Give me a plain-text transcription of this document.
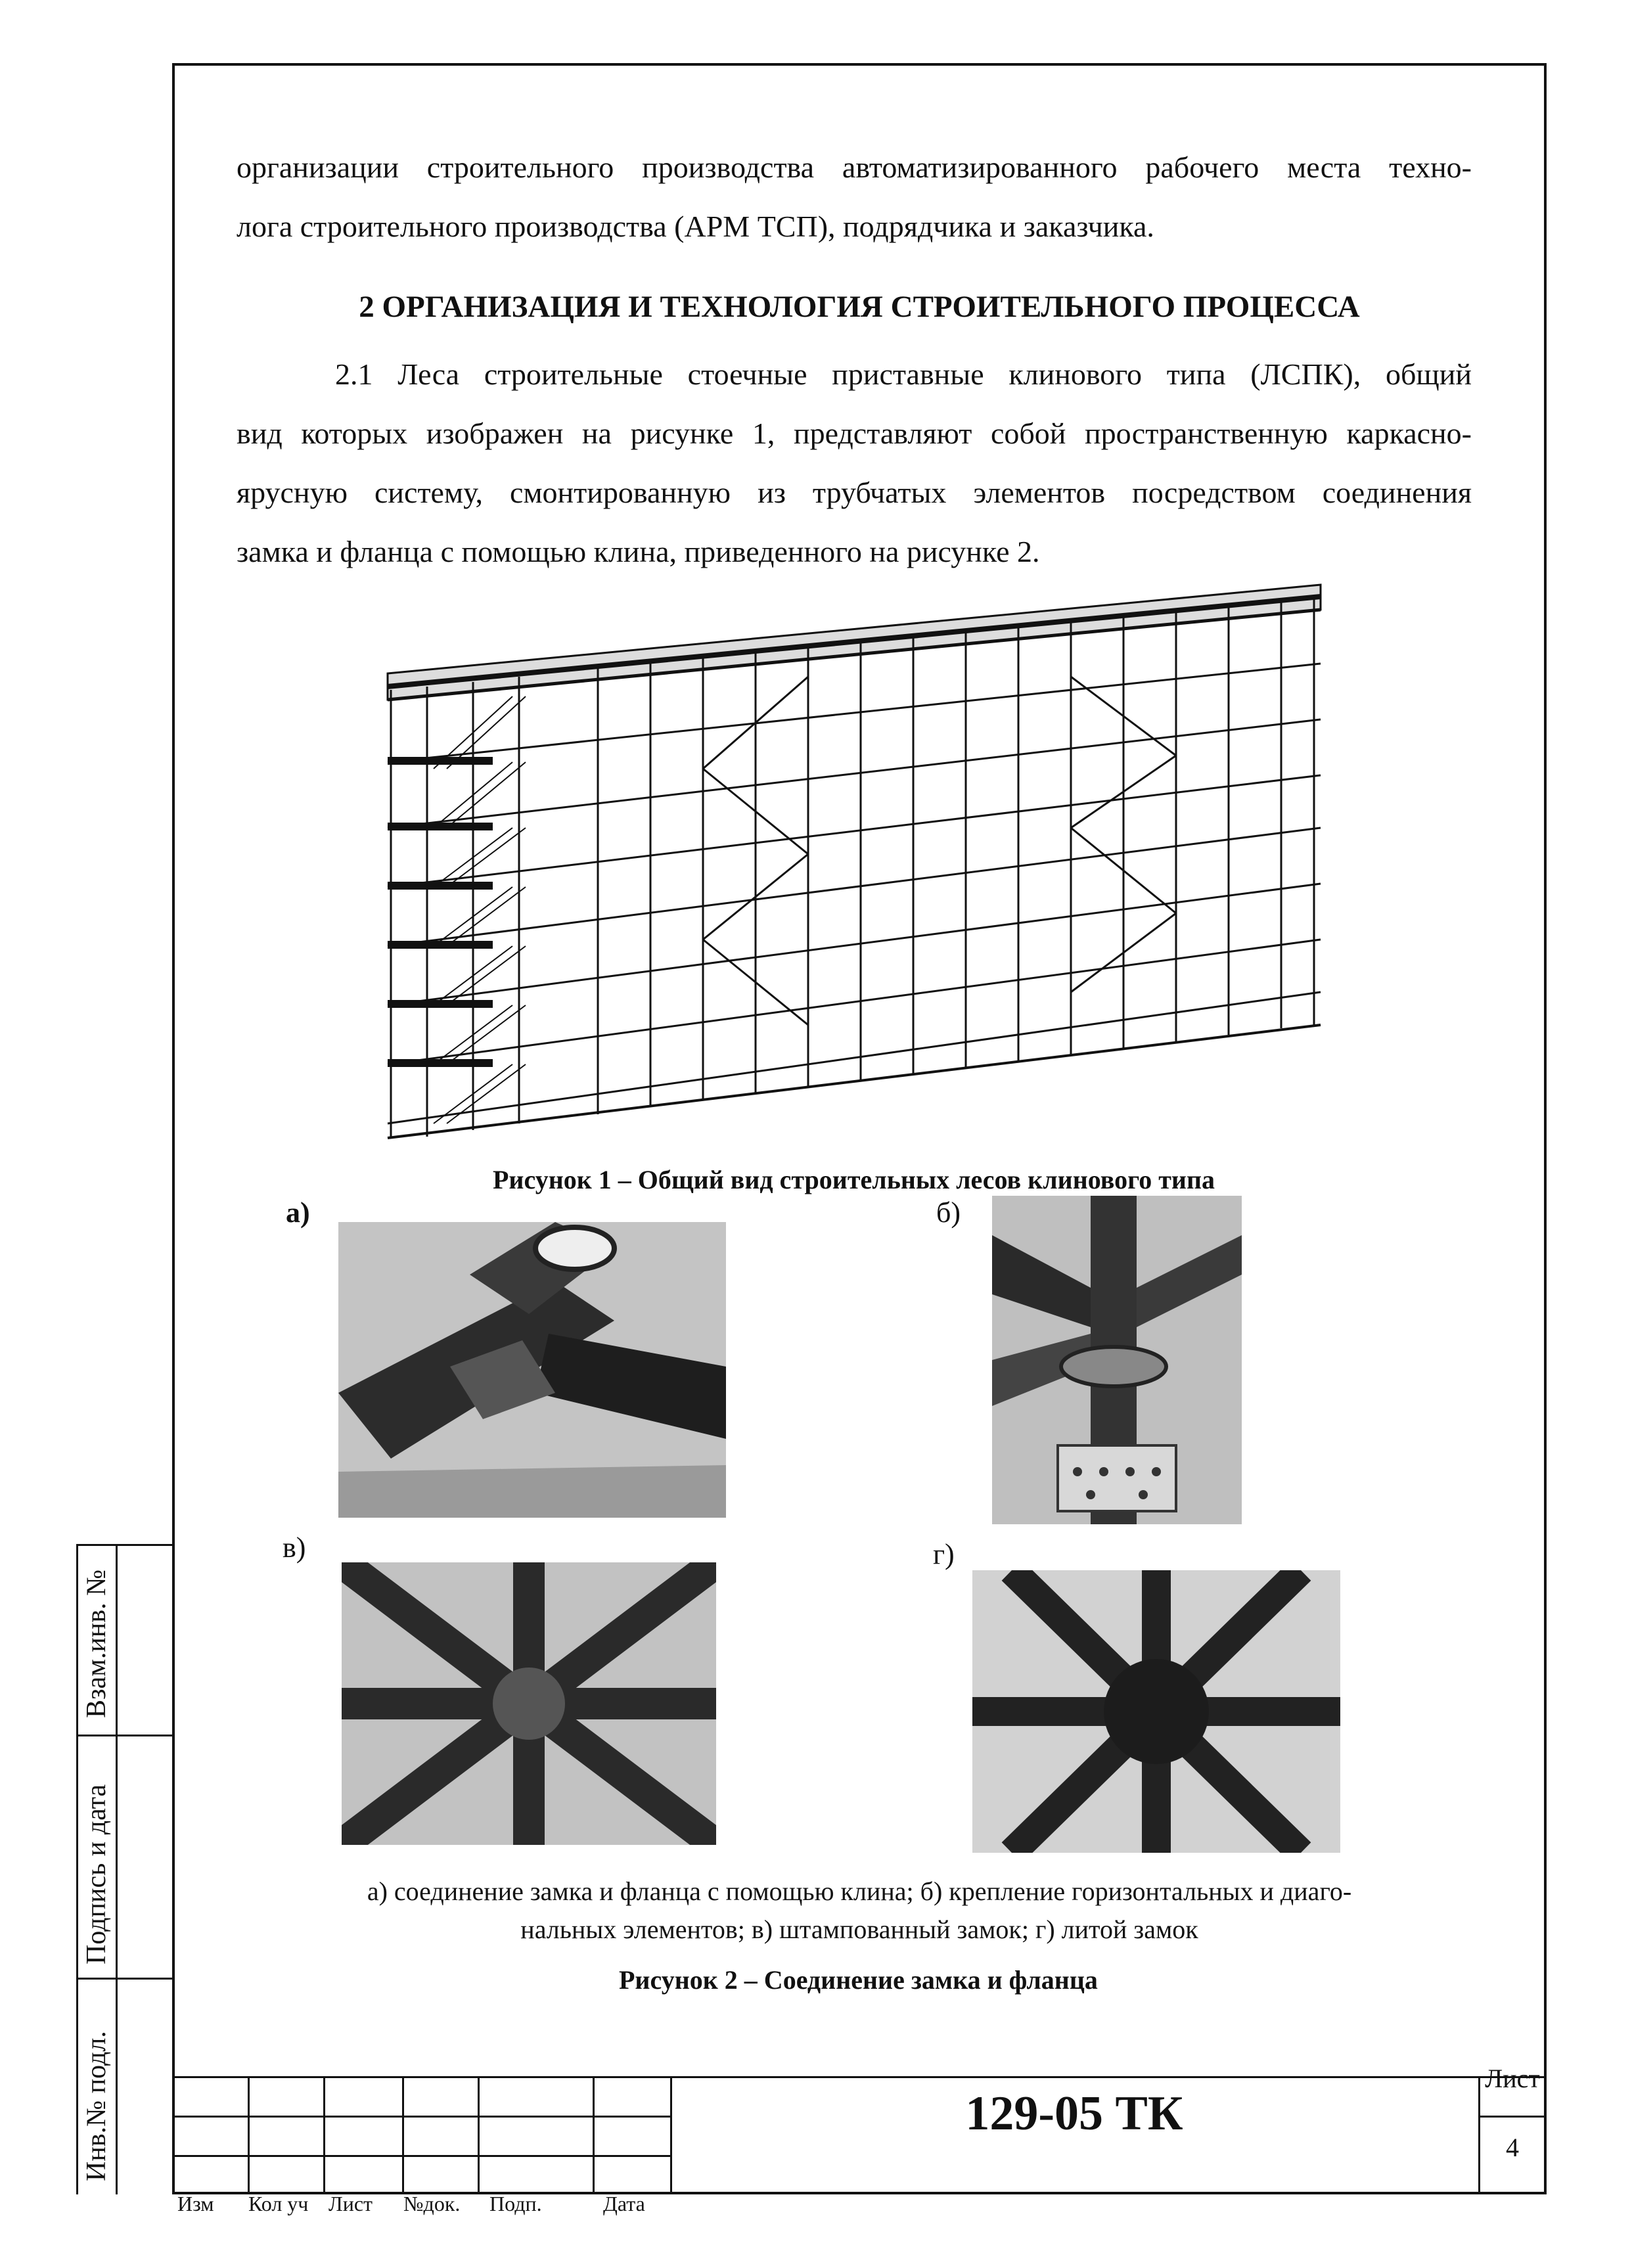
Взам.инв. №
Подпись и дата
Инв.№ подл.
организации строительного производства автоматизированного рабочего места техно-
лога строительного производства (АРМ ТСП), подрядчика и заказчика.
2 ОРГАНИЗАЦИЯ И ТЕХНОЛОГИЯ СТРОИТЕЛЬНОГО ПРОЦЕССА
2.1 Леса строительные стоечные приставные клинового типа (ЛСПК), общий
вид которых изображен на рисунке 1, представляют собой пространственную каркасно-
ярусную систему, смонтированную из трубчатых элементов посредством соединения
замка и фланца с помощью клина, приведенного на рисунке 2.
Рисунок 1 – Общий вид строительных лесов клинового типа
а)	б)
в)	г)
а) соединение замка и фланца с помощью клина; б) крепление горизонтальных и диаго-
нальных элементов; в) штампованный замок; г) литой замок
Рисунок 2 – Соединение замка и фланца
Изм Кол уч Лист №док. Подп.	Дата
129-05 ТК
Лист
4
